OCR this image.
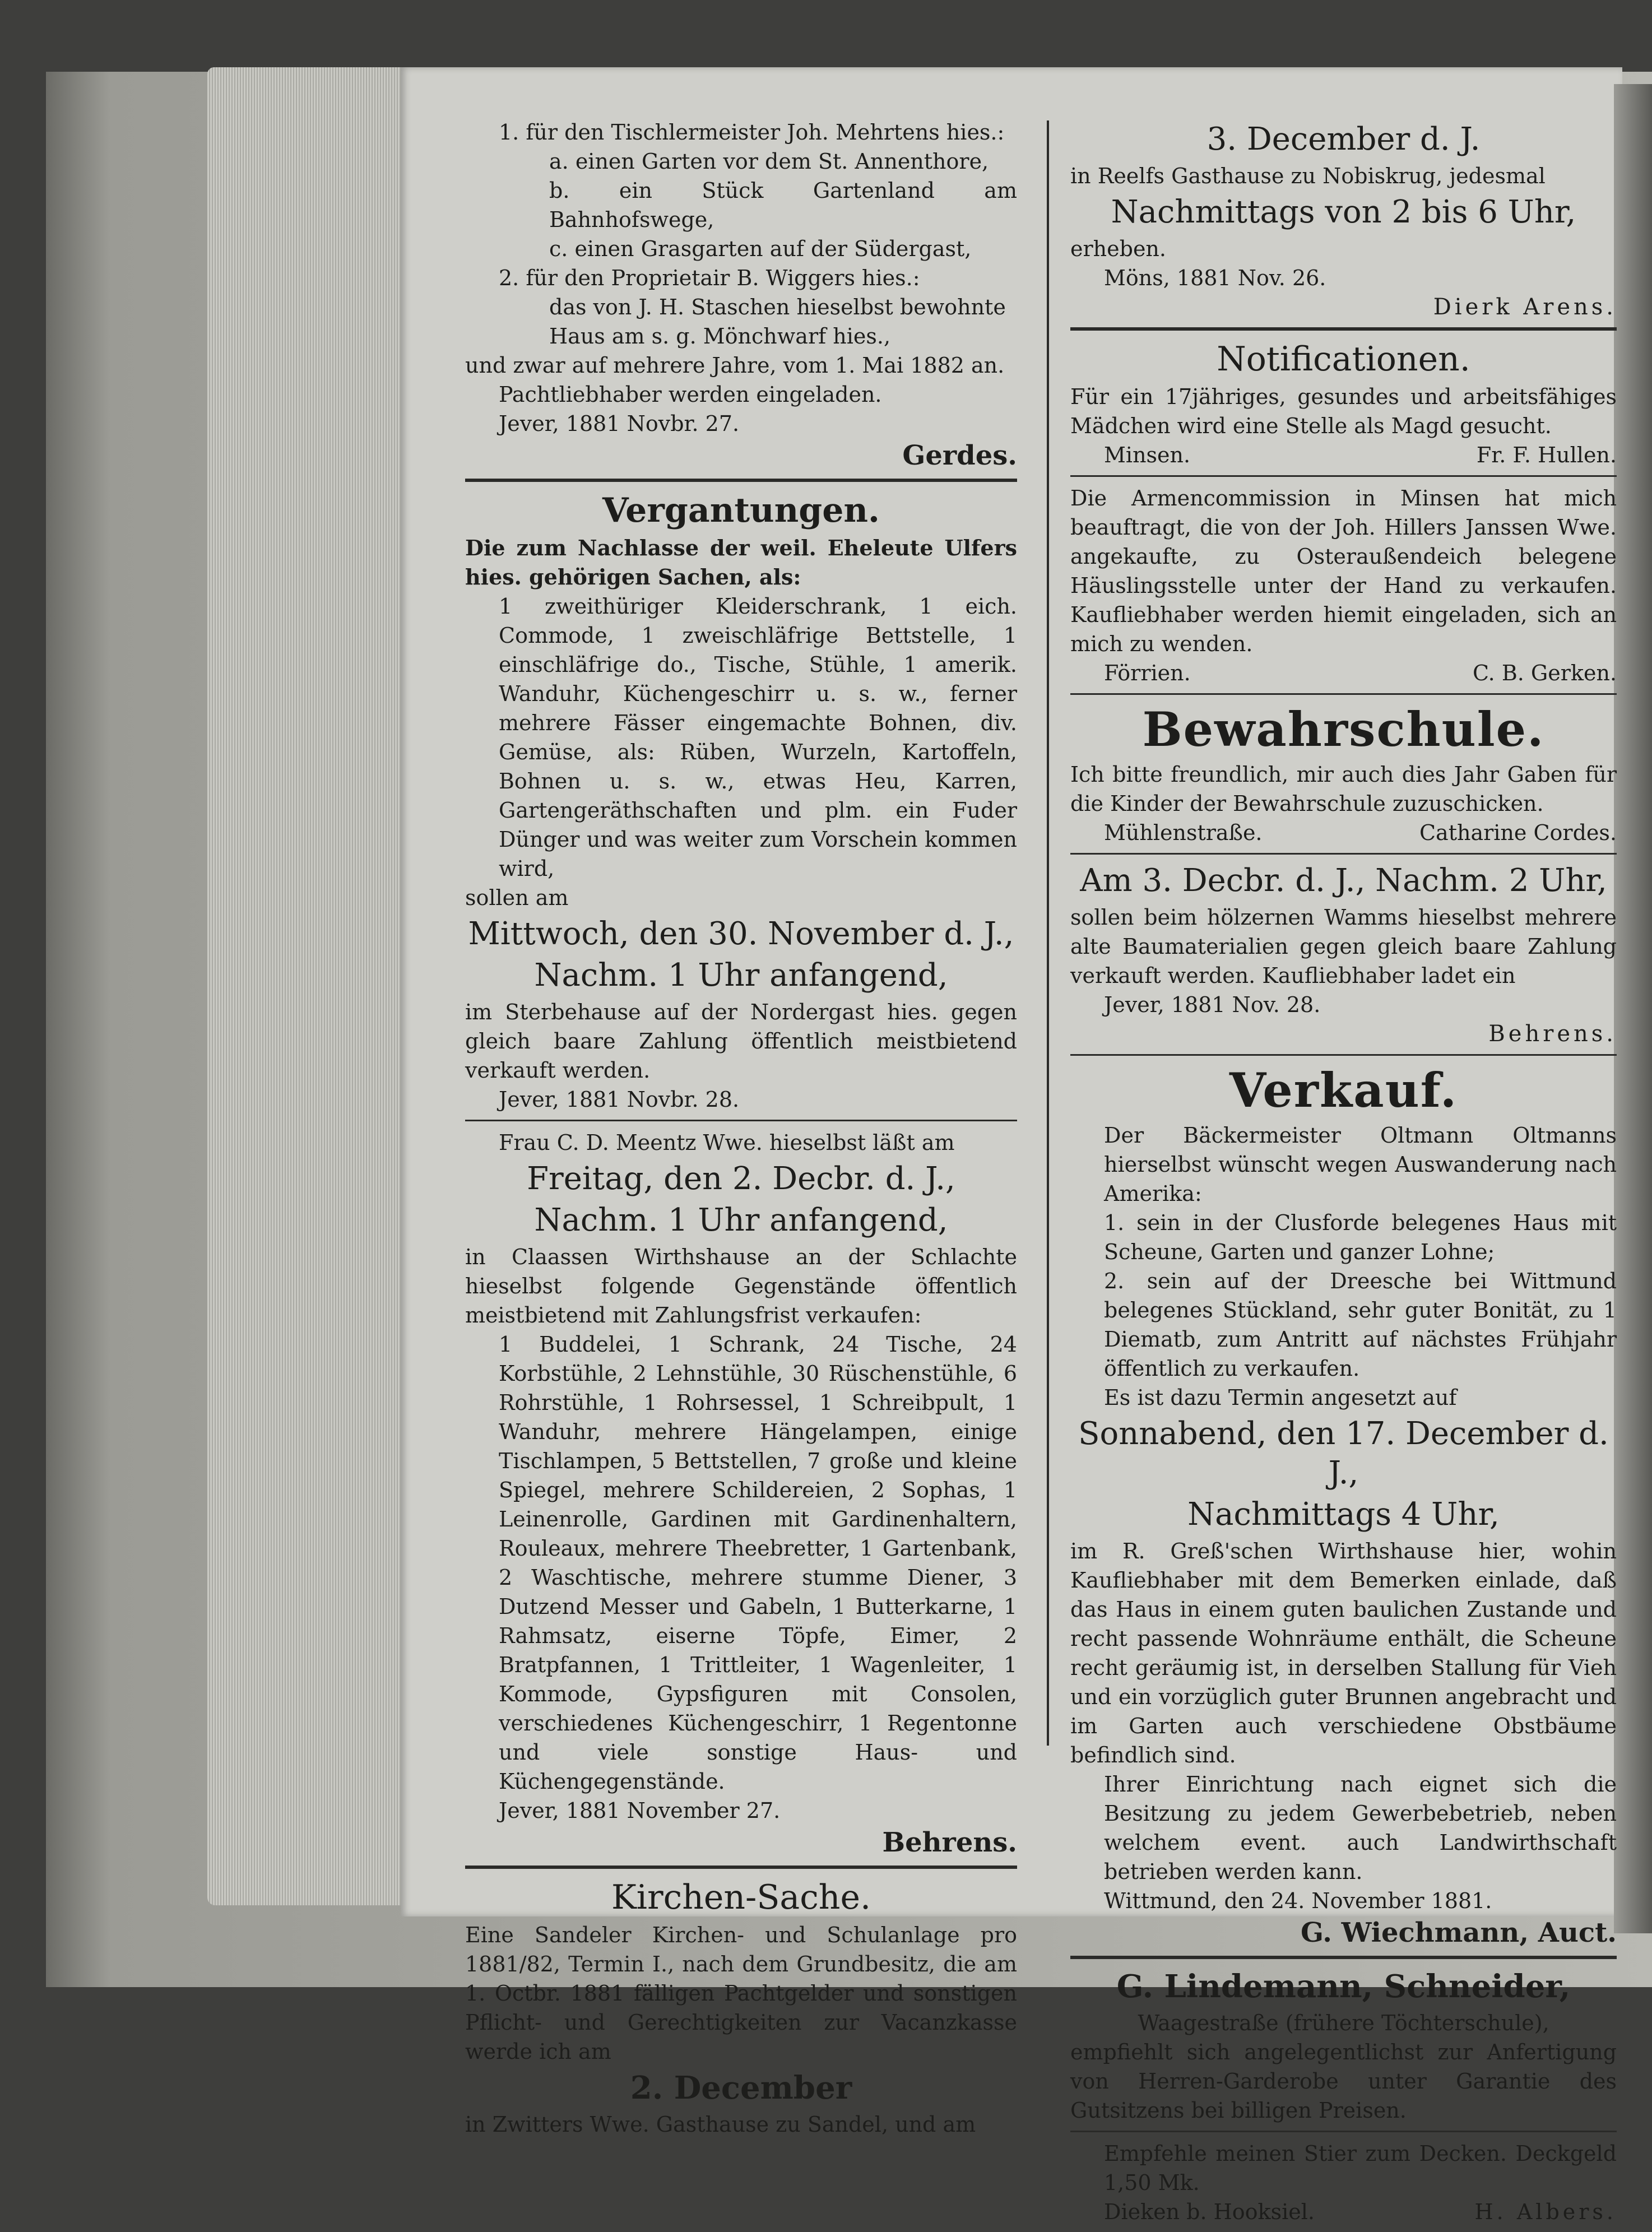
1. für den Tischlermeister Joh. Mehrtens hies.:

a. einen Garten vor dem St. Annenthore,

b. ein Stück Gartenland am Bahnhofswege,

c. einen Grasgarten auf der Südergast,

2. für den Proprietair B. Wiggers hies.:

das von J. H. Staschen hieselbst bewohnte

Haus am s. g. Mönchwarf hies.,

und zwar auf mehrere Jahre, vom 1. Mai 1882 an.

Pachtliebhaber werden eingeladen.

Jever, 1881 Novbr. 27.

Gerdes.

Vergantungen.

Die zum Nachlasse der weil. Eheleute Ulfers hies. gehörigen Sachen, als:

1 zweithüriger Kleiderschrank, 1 eich. Commode, 1 zweischläfrige Bettstelle, 1 einschläfrige do., Tische, Stühle, 1 amerik. Wanduhr, Küchengeschirr u. s. w., ferner mehrere Fässer eingemachte Bohnen, div. Gemüse, als: Rüben, Wurzeln, Kartoffeln, Bohnen u. s. w., etwas Heu, Karren, Gartengeräthschaften und plm. ein Fuder Dünger und was weiter zum Vorschein kommen wird,

sollen am

Mittwoch, den 30. November d. J.,

Nachm. 1 Uhr anfangend,

im Sterbehause auf der Nordergast hies. gegen gleich baare Zahlung öffentlich meistbietend verkauft werden.

Jever, 1881 Novbr. 28.

Frau C. D. Meentz Wwe. hieselbst läßt am

Freitag, den 2. Decbr. d. J.,

Nachm. 1 Uhr anfangend,

in Claassen Wirthshause an der Schlachte hieselbst folgende Gegenstände öffentlich meistbietend mit Zahlungsfrist verkaufen:

1 Buddelei, 1 Schrank, 24 Tische, 24 Korbstühle, 2 Lehnstühle, 30 Rüschenstühle, 6 Rohrstühle, 1 Rohrsessel, 1 Schreibpult, 1 Wanduhr, mehrere Hängelampen, einige Tischlampen, 5 Bettstellen, 7 große und kleine Spiegel, mehrere Schildereien, 2 Sophas, 1 Leinenrolle, Gardinen mit Gardinenhaltern, Rouleaux, mehrere Theebretter, 1 Gartenbank, 2 Waschtische, mehrere stumme Diener, 3 Dutzend Messer und Gabeln, 1 Butterkarne, 1 Rahmsatz, eiserne Töpfe, Eimer, 2 Bratpfannen, 1 Trittleiter, 1 Wagenleiter, 1 Kommode, Gypsfiguren mit Consolen, verschiedenes Küchengeschirr, 1 Regentonne und viele sonstige Haus- und Küchengegenstände.

Jever, 1881 November 27.

Behrens.

Kirchen-Sache.

Eine Sandeler Kirchen- und Schulanlage pro 1881/82, Termin I., nach dem Grundbesitz, die am 1. Octbr. 1881 fälligen Pachtgelder und sonstigen Pflicht- und Gerechtigkeiten zur Vacanzkasse werde ich am

2. December

in Zwitters Wwe. Gasthause zu Sandel, und am

3. December d. J.

in Reelfs Gasthause zu Nobiskrug, jedesmal

Nachmittags von 2 bis 6 Uhr,

erheben.

Möns, 1881 Nov. 26.

Dierk Arens.

Notificationen.

Für ein 17jähriges, gesundes und arbeitsfähiges Mädchen wird eine Stelle als Magd gesucht.

Minsen.	Fr. F. Hullen.

Die Armencommission in Minsen hat mich beauftragt, die von der Joh. Hillers Janssen Wwe. angekaufte, zu Osteraußendeich belegene Häuslingsstelle unter der Hand zu verkaufen. Kaufliebhaber werden hiemit eingeladen, sich an mich zu wenden.

Förrien.	C. B. Gerken.

Bewahrschule.

Ich bitte freundlich, mir auch dies Jahr Gaben für die Kinder der Bewahrschule zuzuschicken.

Mühlenstraße.	Catharine Cordes.

Am 3. Decbr. d. J., Nachm. 2 Uhr,

sollen beim hölzernen Wamms hieselbst mehrere alte Baumaterialien gegen gleich baare Zahlung verkauft werden. Kaufliebhaber ladet ein

Jever, 1881 Nov. 28.

Behrens.

Verkauf.

Der Bäckermeister Oltmann Oltmanns hierselbst wünscht wegen Auswanderung nach Amerika:

1. sein in der Clusforde belegenes Haus mit Scheune, Garten und ganzer Lohne;

2. sein auf der Dreesche bei Wittmund belegenes Stückland, sehr guter Bonität, zu 1 Diematb, zum Antritt auf nächstes Frühjahr öffentlich zu verkaufen.

Es ist dazu Termin angesetzt auf

Sonnabend, den 17. December d. J.,

Nachmittags 4 Uhr,

im R. Greß'schen Wirthshause hier, wohin Kaufliebhaber mit dem Bemerken einlade, daß das Haus in einem guten baulichen Zustande und recht passende Wohnräume enthält, die Scheune recht geräumig ist, in derselben Stallung für Vieh und ein vorzüglich guter Brunnen angebracht und im Garten auch verschiedene Obstbäume befindlich sind.

Ihrer Einrichtung nach eignet sich die Besitzung zu jedem Gewerbebetrieb, neben welchem event. auch Landwirthschaft betrieben werden kann.

Wittmund, den 24. November 1881.

G. Wiechmann, Auct.

G. Lindemann, Schneider,

Waagestraße (frühere Töchterschule),

empfiehlt sich angelegentlichst zur Anfertigung von Herren-Garderobe unter Garantie des Gutsitzens bei billigen Preisen.

Empfehle meinen Stier zum Decken. Deckgeld 1,50 Mk.

Dieken b. Hooksiel.	H. Albers.
